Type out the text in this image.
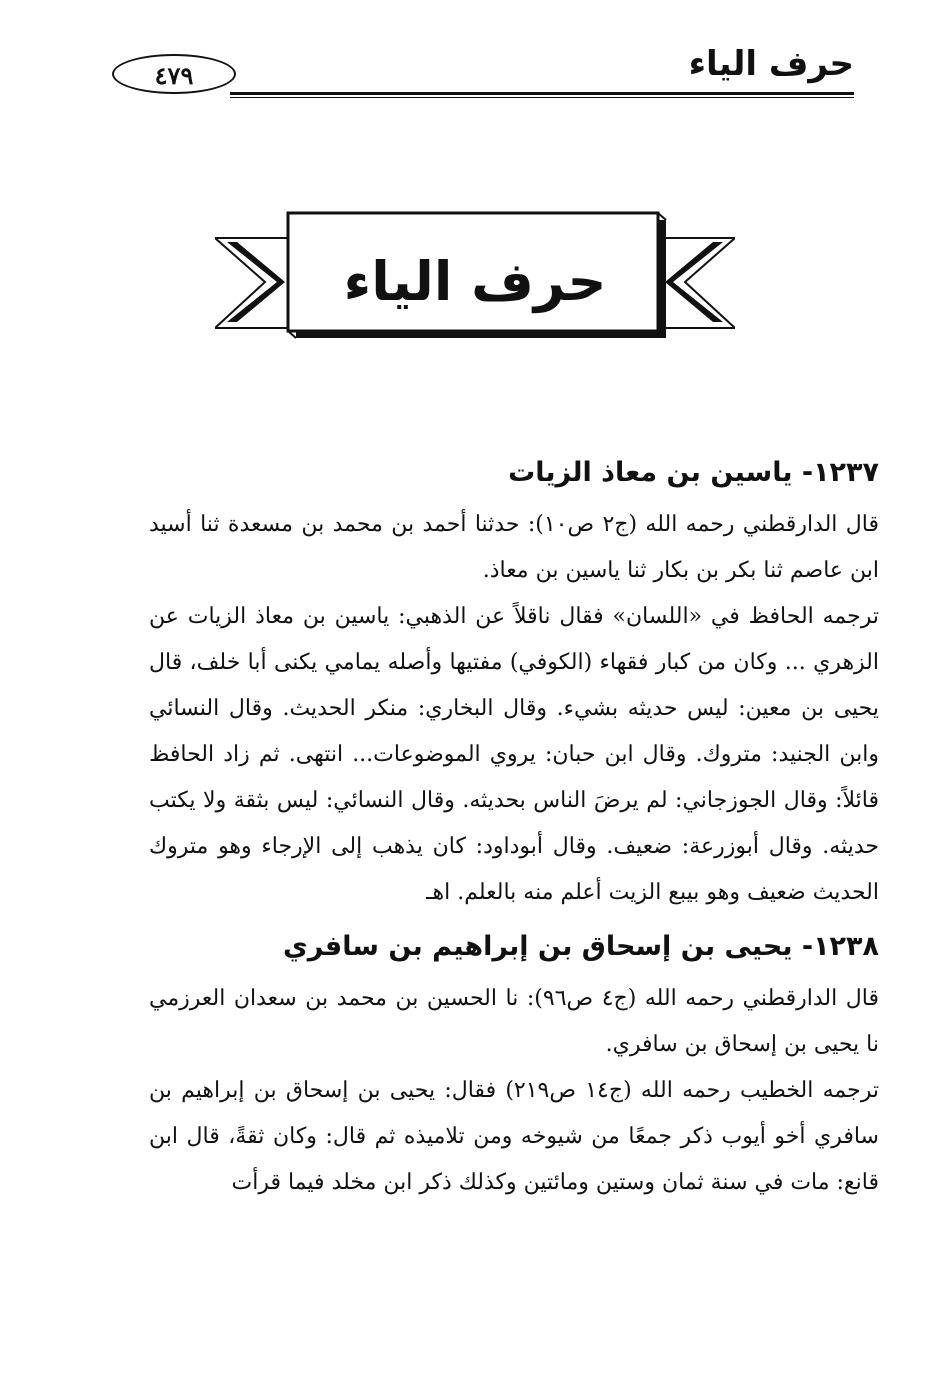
حرف الياء
٤٧٩
حرف الياء
١٢٣٧- ياسين بن معاذ الزيات

قال الدارقطني رحمه الله (ج٢ ص١٠): حدثنا أحمد بن محمد بن مسعدة ثنا أسيد ابن عاصم ثنا بكر بن بكار ثنا ياسين بن معاذ.

ترجمه الحافظ في «اللسان» فقال ناقلاً عن الذهبي: ياسين بن معاذ الزيات عن الزهري ... وكان من كبار فقهاء (الكوفي) مفتيها وأصله يمامي يكنى أبا خلف، قال يحيى بن معين: ليس حديثه بشيء. وقال البخاري: منكر الحديث. وقال النسائي وابن الجنيد: متروك. وقال ابن حبان: يروي الموضوعات... انتهى. ثم زاد الحافظ قائلاً: وقال الجوزجاني: لم يرضَ الناس بحديثه. وقال النسائي: ليس بثقة ولا يكتب حديثه. وقال أبوزرعة: ضعيف. وقال أبوداود: كان يذهب إلى الإرجاء وهو متروك الحديث ضعيف وهو بيبع الزيت أعلم منه بالعلم. اهـ

١٢٣٨- يحيى بن إسحاق بن إبراهيم بن سافري

قال الدارقطني رحمه الله (ج٤ ص٩٦): نا الحسين بن محمد بن سعدان العرزمي نا يحيى بن إسحاق بن سافري.

ترجمه الخطيب رحمه الله (ج١٤ ص٢١٩) فقال: يحيى بن إسحاق بن إبراهيم بن سافري أخو أيوب ذكر جمعًا من شيوخه ومن تلاميذه ثم قال: وكان ثقةً، قال ابن قانع: مات في سنة ثمان وستين ومائتين وكذلك ذكر ابن مخلد فيما قرأت
